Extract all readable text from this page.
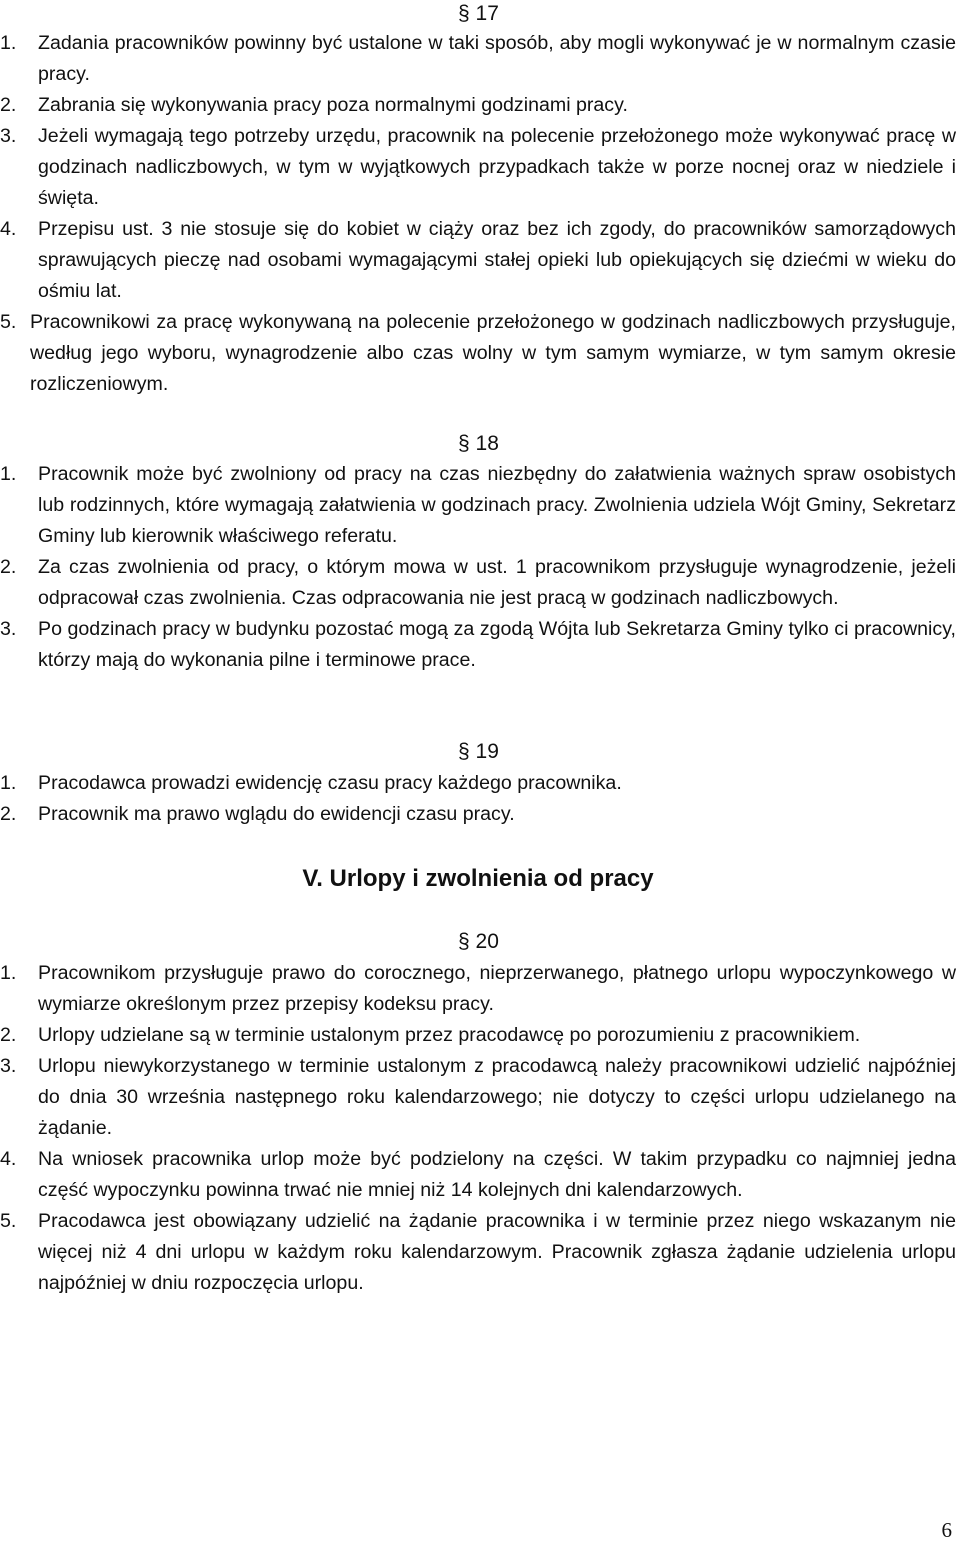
§ 17
1. Zadania pracowników powinny być ustalone w taki sposób, aby mogli wykonywać je w normalnym czasie pracy.
2. Zabrania się wykonywania pracy poza normalnymi godzinami pracy.
3. Jeżeli wymagają tego potrzeby urzędu, pracownik na polecenie przełożonego może wykonywać pracę w godzinach nadliczbowych, w tym w wyjątkowych przypadkach także w porze nocnej oraz w niedziele i święta.
4. Przepisu ust. 3 nie stosuje się do kobiet w ciąży oraz bez ich zgody, do pracowników samorządowych sprawujących pieczę nad osobami wymagającymi stałej opieki lub opiekujących się dziećmi w wieku do ośmiu lat.
5. Pracownikowi za pracę wykonywaną na polecenie przełożonego w godzinach nadliczbowych przysługuje, według jego wyboru, wynagrodzenie albo czas wolny w tym samym wymiarze, w tym samym okresie rozliczeniowym.
§ 18
1. Pracownik może być zwolniony od pracy na czas niezbędny do załatwienia ważnych spraw osobistych lub rodzinnych, które wymagają załatwienia w godzinach pracy. Zwolnienia udziela Wójt Gminy, Sekretarz Gminy lub kierownik właściwego referatu.
2. Za czas zwolnienia od pracy, o którym mowa w ust. 1 pracownikom przysługuje wynagrodzenie, jeżeli odpracował czas zwolnienia. Czas odpracowania nie jest pracą w godzinach nadliczbowych.
3. Po godzinach pracy w budynku pozostać mogą za zgodą Wójta lub Sekretarza Gminy tylko ci pracownicy, którzy mają do wykonania pilne i terminowe prace.
§ 19
1. Pracodawca prowadzi ewidencję czasu pracy każdego pracownika.
2. Pracownik ma prawo wglądu do ewidencji czasu pracy.
V. Urlopy i zwolnienia od pracy
§ 20
1. Pracownikom przysługuje prawo do corocznego, nieprzerwanego, płatnego urlopu wypoczynkowego w wymiarze określonym przez przepisy kodeksu pracy.
2. Urlopy udzielane są w terminie ustalonym przez pracodawcę po porozumieniu z pracownikiem.
3. Urlopu niewykorzystanego w terminie ustalonym z pracodawcą należy pracownikowi udzielić najpóźniej do dnia 30 września następnego roku kalendarzowego; nie dotyczy to części urlopu udzielanego na żądanie.
4. Na wniosek pracownika urlop może być podzielony na części. W takim przypadku co najmniej jedna część wypoczynku powinna trwać nie mniej niż 14 kolejnych dni kalendarzowych.
5. Pracodawca jest obowiązany udzielić na żądanie pracownika i w terminie przez niego wskazanym nie więcej niż 4 dni urlopu w każdym roku kalendarzowym. Pracownik zgłasza żądanie udzielenia urlopu najpóźniej w dniu rozpoczęcia urlopu.
6
